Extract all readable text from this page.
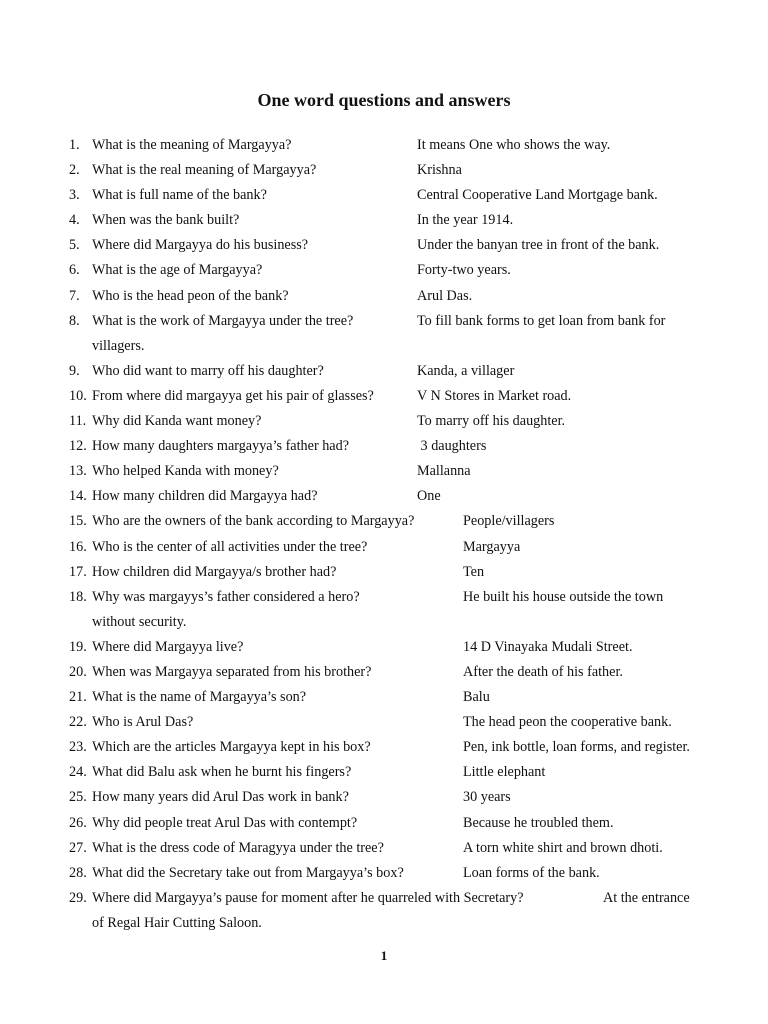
One word questions and answers
1. What is the meaning of Margayya?	It means One who shows the way.
2. What is the real meaning of Margayya?	Krishna
3. What is full name of the bank?	Central Cooperative Land Mortgage bank.
4. When was the bank built?	In the year 1914.
5. Where did Margayya do his business?	Under the banyan tree in front of the bank.
6. What is the age of Margayya?	Forty-two years.
7. Who is the head peon of the bank?	Arul Das.
8. What is the work of Margayya under the tree?	To fill bank forms to get loan from bank for
villagers.
9. Who did want to marry off his daughter?	Kanda, a villager
10. From where did margayya get his pair of glasses?	V N Stores in Market road.
11. Why did Kanda want money?	To marry off his daughter.
12. How many daughters margayya’s father had?	3 daughters
13. Who helped Kanda with money?	Mallanna
14. How many children did Margayya had?	One
15. Who are the owners of the bank according to Margayya?	People/villagers
16. Who is the center of all activities under the tree?	Margayya
17. How children did Margayya/s brother had?	Ten
18. Why was margayys’s father considered a hero?	He built his house outside the town
without security.
19. Where did Margayya live?	14 D Vinayaka Mudali Street.
20. When was Margayya separated from his brother?	After the death of his father.
21. What is the name of Margayya’s son?	Balu
22. Who is Arul Das?	The head peon the cooperative bank.
23. Which are the articles Margayya kept in his box?	Pen, ink bottle, loan forms, and register.
24. What did Balu ask when he burnt his fingers?	Little elephant
25. How many years did Arul Das work in bank?	30 years
26. Why did people treat Arul Das with contempt?	Because he troubled them.
27. What is the dress code of Maragyya under the tree?	A torn white shirt and brown dhoti.
28. What did the Secretary take out from Margayya’s box?	Loan forms of the bank.
29. Where did Margayya’s pause for moment after he quarreled with Secretary?	At the entrance
of Regal Hair Cutting Saloon.
1
